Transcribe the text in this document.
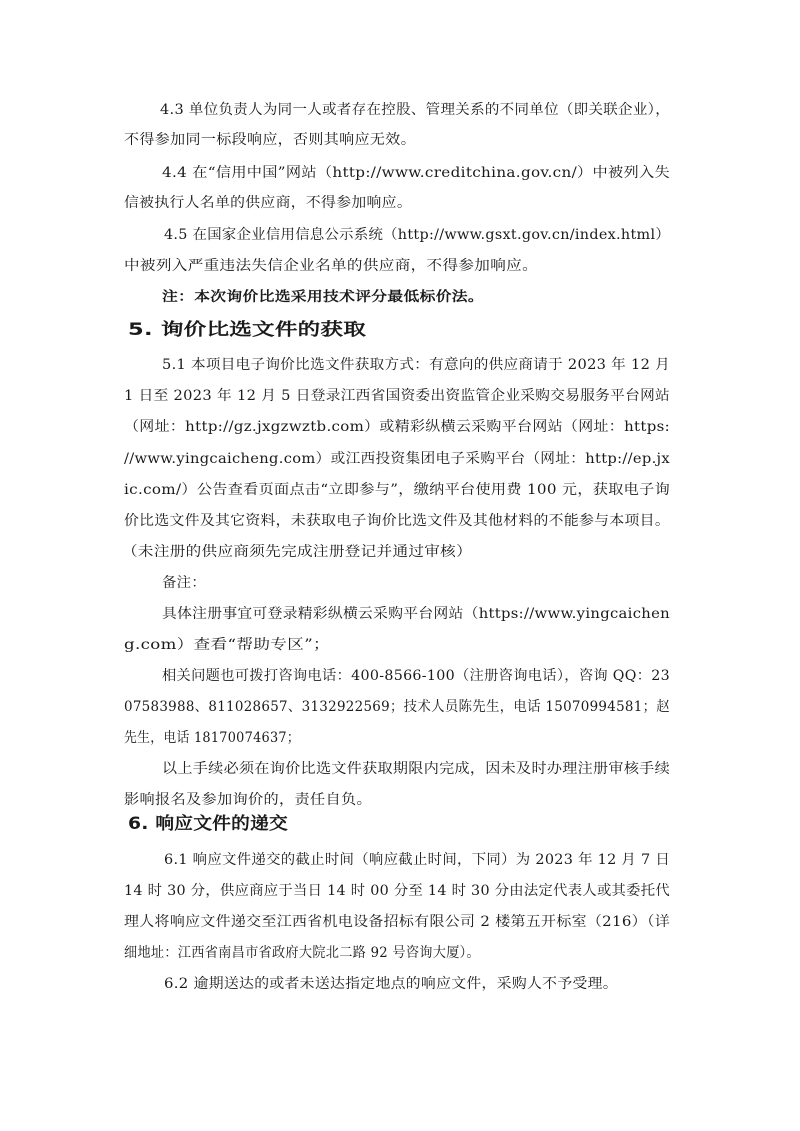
4.3 单位负责人为同一人或者存在控股、管理关系的不同单位（即关联企业），
不得参加同一标段响应，否则其响应无效。
4.4 在“信用中国”网站（http://www.creditchina.gov.cn/）中被列入失
信被执行人名单的供应商，不得参加响应。
4.5 在国家企业信用信息公示系统（http://www.gsxt.gov.cn/index.html）
中被列入严重违法失信企业名单的供应商，不得参加响应。
注：本次询价比选采用技术评分最低标价法。
5. 询价比选文件的获取
5.1 本项目电子询价比选文件获取方式：有意向的供应商请于 2023 年 12 月
1 日至 2023 年 12 月 5 日登录江西省国资委出资监管企业采购交易服务平台网站
（网址：http://gz.jxgzwztb.com）或精彩纵横云采购平台网站（网址：https:
//www.yingcaicheng.com）或江西投资集团电子采购平台（网址：http://ep.jx
ic.com/）公告查看页面点击“立即参与”，缴纳平台使用费 100 元，获取电子询
价比选文件及其它资料，未获取电子询价比选文件及其他材料的不能参与本项目。
（未注册的供应商须先完成注册登记并通过审核）
备注：
具体注册事宜可登录精彩纵横云采购平台网站（https://www.yingcaichen
g.com）查看“帮助专区”；
相关问题也可拨打咨询电话：400-8566-100（注册咨询电话），咨询 QQ：23
07583988、811028657、3132922569；技术人员陈先生，电话 15070994581；赵
先生，电话 18170074637；
以上手续必须在询价比选文件获取期限内完成，因未及时办理注册审核手续
影响报名及参加询价的，责任自负。
6. 响应文件的递交
6.1 响应文件递交的截止时间（响应截止时间，下同）为 2023 年 12 月 7 日
14 时 30 分，供应商应于当日 14 时 00 分至 14 时 30 分由法定代表人或其委托代
理人将响应文件递交至江西省机电设备招标有限公司 2 楼第五开标室（216）（详
细地址：江西省南昌市省政府大院北二路 92 号咨询大厦）。
6.2 逾期送达的或者未送达指定地点的响应文件，采购人不予受理。
